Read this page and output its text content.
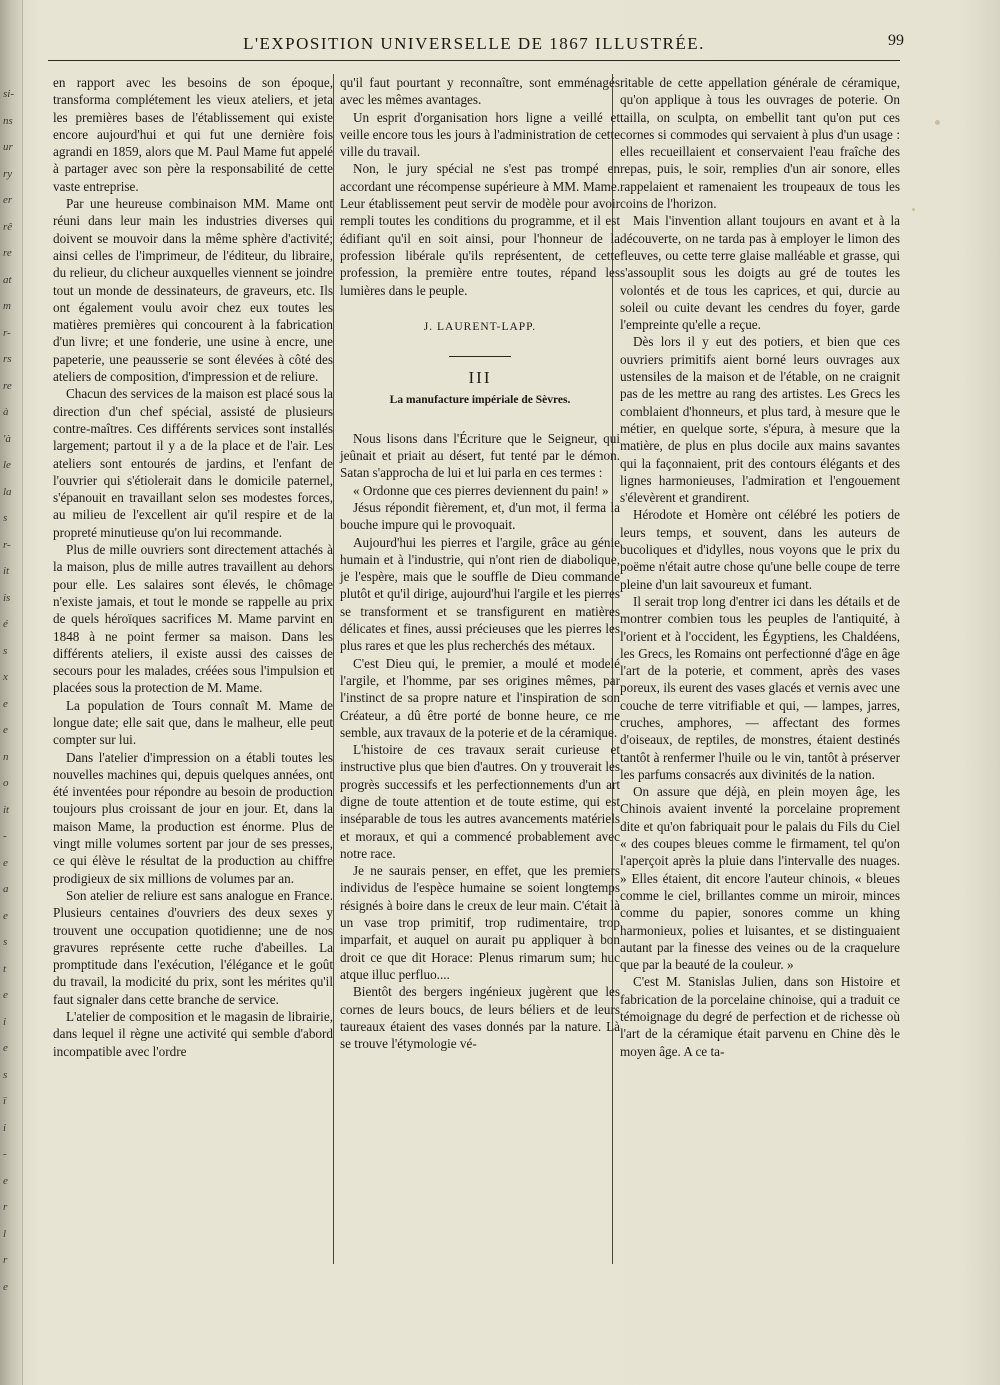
si-
ns
ur
ry
er
rê
re
at
m
r-
rs
re
à
'à
le
la
s
r-
it
is
é
s
x
e
e
n
o
it
-
e
a
e
s
t
e
i
e
s
ï
i
-
e
r
l
r
e
L'EXPOSITION UNIVERSELLE DE 1867 ILLUSTRÉE.	99

en rapport avec les besoins de son époque, transforma complétement les vieux ateliers, et jeta les premières bases de l'établissement qui existe encore aujourd'hui et qui fut une dernière fois agrandi en 1859, alors que M. Paul Mame fut appelé à partager avec son père la responsabilité de cette vaste entreprise.

Par une heureuse combinaison MM. Mame ont réuni dans leur main les industries diverses qui doivent se mouvoir dans la même sphère d'activité; ainsi celles de l'imprimeur, de l'éditeur, du libraire, du relieur, du clicheur auxquelles viennent se joindre tout un monde de dessinateurs, de graveurs, etc. Ils ont également voulu avoir chez eux toutes les matières premières qui concourent à la fabrication d'un livre; et une fonderie, une usine à encre, une papeterie, une peausserie se sont élevées à côté des ateliers de composition, d'impression et de reliure.

Chacun des services de la maison est placé sous la direction d'un chef spécial, assisté de plusieurs contre-maîtres. Ces différents services sont installés largement; partout il y a de la place et de l'air. Les ateliers sont entourés de jardins, et l'enfant de l'ouvrier qui s'étiolerait dans le domicile paternel, s'épanouit en travaillant selon ses modestes forces, au milieu de l'excellent air qu'il respire et de la propreté minutieuse qu'on lui recommande.

Plus de mille ouvriers sont directement attachés à la maison, plus de mille autres travaillent au dehors pour elle. Les salaires sont élevés, le chômage n'existe jamais, et tout le monde se rappelle au prix de quels héroïques sacrifices M. Mame parvint en 1848 à ne point fermer sa maison. Dans les différents ateliers, il existe aussi des caisses de secours pour les malades, créées sous l'impulsion et placées sous la protection de M. Mame.

La population de Tours connaît M. Mame de longue date; elle sait que, dans le malheur, elle peut compter sur lui.

Dans l'atelier d'impression on a établi toutes les nouvelles machines qui, depuis quelques années, ont été inventées pour répondre au besoin de production toujours plus croissant de jour en jour. Et, dans la maison Mame, la production est énorme. Plus de vingt mille volumes sortent par jour de ses presses, ce qui élève le résultat de la production au chiffre prodigieux de six millions de volumes par an.

Son atelier de reliure est sans analogue en France. Plusieurs centaines d'ouvriers des deux sexes y trouvent une occupation quotidienne; une de nos gravures représente cette ruche d'abeilles. La promptitude dans l'exécution, l'élégance et le goût du travail, la modicité du prix, sont les mérites qu'il faut signaler dans cette branche de service.

L'atelier de composition et le magasin de librairie, dans lequel il règne une activité qui semble d'abord incompatible avec l'ordre

qu'il faut pourtant y reconnaître, sont emménagés avec les mêmes avantages.

Un esprit d'organisation hors ligne a veillé et veille encore tous les jours à l'administration de cette ville du travail.

Non, le jury spécial ne s'est pas trompé en accordant une récompense supérieure à MM. Mame. Leur établissement peut servir de modèle pour avoir rempli toutes les conditions du programme, et il est édifiant qu'il en soit ainsi, pour l'honneur de la profession libérale qu'ils représentent, de cette profession, la première entre toutes, répand les lumières dans le peuple.

J. LAURENT-LAPP.

III

La manufacture impériale de Sèvres.

Nous lisons dans l'Écriture que le Seigneur, qui jeûnait et priait au désert, fut tenté par le démon. Satan s'approcha de lui et lui parla en ces termes :

« Ordonne que ces pierres deviennent du pain! »

Jésus répondit fièrement, et, d'un mot, il ferma la bouche impure qui le provoquait.

Aujourd'hui les pierres et l'argile, grâce au génie humain et à l'industrie, qui n'ont rien de diabolique, je l'espère, mais que le souffle de Dieu commande plutôt et qu'il dirige, aujourd'hui l'argile et les pierres se transforment et se transfigurent en matières délicates et fines, aussi précieuses que les pierres les plus rares et que les plus recherchés des métaux.

C'est Dieu qui, le premier, a moulé et modelé l'argile, et l'homme, par ses origines mêmes, par l'instinct de sa propre nature et l'inspiration de son Créateur, a dû être porté de bonne heure, ce me semble, aux travaux de la poterie et de la céramique.

L'histoire de ces travaux serait curieuse et instructive plus que bien d'autres. On y trouverait les progrès successifs et les perfectionnements d'un art digne de toute attention et de toute estime, qui est inséparable de tous les autres avancements matériels et moraux, et qui a commencé probablement avec notre race.

Je ne saurais penser, en effet, que les premiers individus de l'espèce humaine se soient longtemps résignés à boire dans le creux de leur main. C'était là un vase trop primitif, trop rudimentaire, trop imparfait, et auquel on aurait pu appliquer à bon droit ce que dit Horace: Plenus rimarum sum; huc atque illuc perfluo....

Bientôt des bergers ingénieux jugèrent que les cornes de leurs boucs, de leurs béliers et de leurs taureaux étaient des vases donnés par la nature. Là se trouve l'étymologie vé-

ritable de cette appellation générale de céramique, qu'on applique à tous les ouvrages de poterie. On tailla, on sculpta, on embellit tant qu'on put ces cornes si commodes qui servaient à plus d'un usage : elles recueillaient et conservaient l'eau fraîche des repas, puis, le soir, remplies d'un air sonore, elles rappelaient et ramenaient les troupeaux de tous les coins de l'horizon.

Mais l'invention allant toujours en avant et à la découverte, on ne tarda pas à employer le limon des fleuves, ou cette terre glaise malléable et grasse, qui s'assouplit sous les doigts au gré de toutes les volontés et de tous les caprices, et qui, durcie au soleil ou cuite devant les cendres du foyer, garde l'empreinte qu'elle a reçue.

Dès lors il y eut des potiers, et bien que ces ouvriers primitifs aient borné leurs ouvrages aux ustensiles de la maison et de l'étable, on ne craignit pas de les mettre au rang des artistes. Les Grecs les comblaient d'honneurs, et plus tard, à mesure que le métier, en quelque sorte, s'épura, à mesure que la matière, de plus en plus docile aux mains savantes qui la façonnaient, prit des contours élégants et des lignes harmonieuses, l'admiration et l'engouement s'élevèrent et grandirent.

Hérodote et Homère ont célébré les potiers de leurs temps, et souvent, dans les auteurs de bucoliques et d'idylles, nous voyons que le prix du poëme n'était autre chose qu'une belle coupe de terre pleine d'un lait savoureux et fumant.

Il serait trop long d'entrer ici dans les détails et de montrer combien tous les peuples de l'antiquité, à l'orient et à l'occident, les Égyptiens, les Chaldéens, les Grecs, les Romains ont perfectionné d'âge en âge l'art de la poterie, et comment, après des vases poreux, ils eurent des vases glacés et vernis avec une couche de terre vitrifiable et qui, — lampes, jarres, cruches, amphores, — affectant des formes d'oiseaux, de reptiles, de monstres, étaient destinés tantôt à renfermer l'huile ou le vin, tantôt à préserver les parfums consacrés aux divinités de la nation.

On assure que déjà, en plein moyen âge, les Chinois avaient inventé la porcelaine proprement dite et qu'on fabriquait pour le palais du Fils du Ciel « des coupes bleues comme le firmament, tel qu'on l'aperçoit après la pluie dans l'intervalle des nuages. » Elles étaient, dit encore l'auteur chinois, « bleues comme le ciel, brillantes comme un miroir, minces comme du papier, sonores comme un khing harmonieux, polies et luisantes, et se distinguaient autant par la finesse des veines ou de la craquelure que par la beauté de la couleur. »

C'est M. Stanislas Julien, dans son Histoire et fabrication de la porcelaine chinoise, qui a traduit ce témoignage du degré de perfection et de richesse où l'art de la céramique était parvenu en Chine dès le moyen âge. A ce ta-
